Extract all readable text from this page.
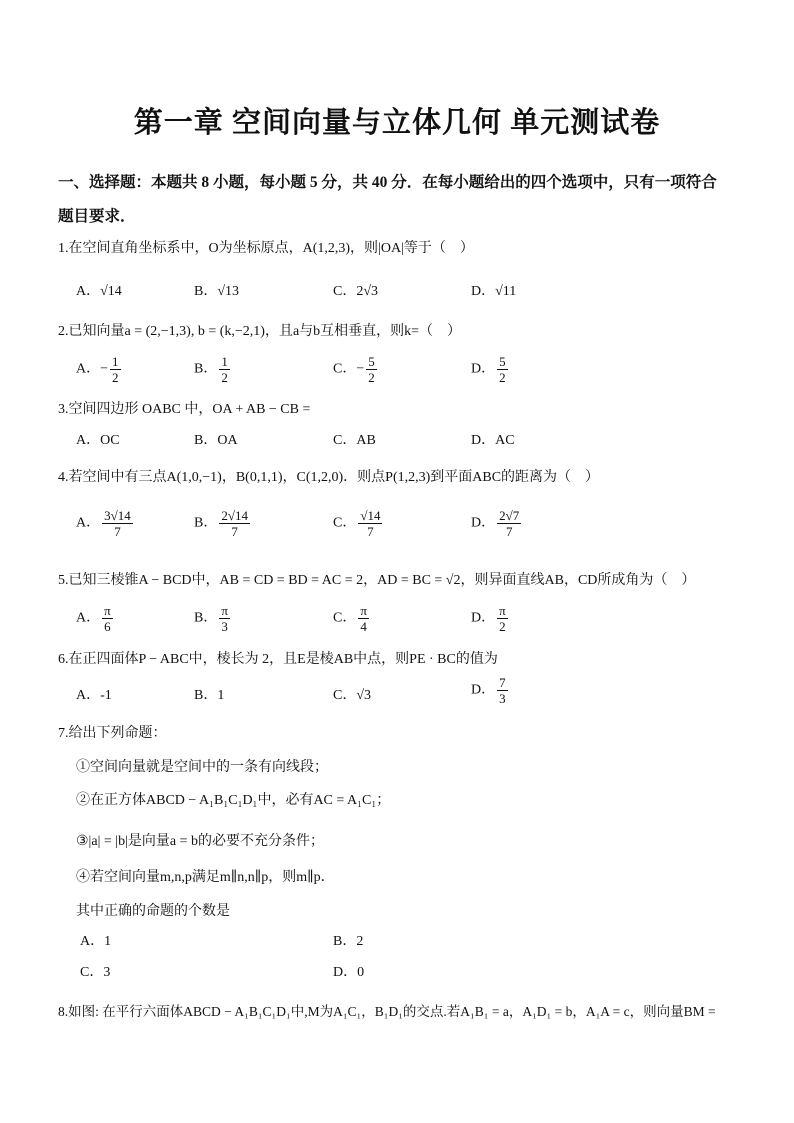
第一章 空间向量与立体几何 单元测试卷
一、选择题：本题共 8 小题，每小题 5 分，共 40 分．在每小题给出的四个选项中，只有一项符合
题目要求．
1.在空间直角坐标系中，O为坐标原点，A(1,2,3)，则|OA|等于（　）
A．√14	B．√13	C．2√3	D．√11
2.已知向量a = (2,−1,3), b = (k,−2,1)，且a与b互相垂直，则k=（　）
A．− $\frac{1}{2}$	B． $\frac{1}{2}$	C．− $\frac{5}{2}$	D． $\frac{5}{2}$
3.空间四边形 OABC 中，OA + AB − CB =
A．OC	B．OA	C．AB	D．AC
4.若空间中有三点A(1,0,−1)，B(0,1,1)，C(1,2,0)．则点P(1,2,3)到平面ABC的距离为（　）
A． $\frac{3√14}{7}$	B． $\frac{2√14}{7}$	C． $\frac{√14}{7}$	D． $\frac{2√7}{7}$
5.已知三棱锥A − BCD中，AB = CD = BD = AC = 2，AD = BC = √2，则异面直线AB，CD所成角为（　）
A． $\frac{\pi}{6}$	B． $\frac{\pi}{3}$	C． $\frac{\pi}{4}$	D． $\frac{\pi}{2}$
6.在正四面体P − ABC中，棱长为 2，且E是棱AB中点，则PE · BC的值为
A．-1	B．1	C．√3	D． $\frac{7}{3}$
7.给出下列命题：
①空间向量就是空间中的一条有向线段；
②在正方体ABCD − A₁B₁C₁D₁中，必有AC = A₁C₁；
③|a| = |b|是向量a = b的必要不充分条件；
④若空间向量m,n,p满足m∥n,n∥p，则m∥p．
其中正确的命题的个数是
A．1	B．2
C．3	D．0
8.如图: 在平行六面体ABCD − A₁B₁C₁D₁中,M为A₁C₁，B₁D₁的交点.若A₁B₁ = a，A₁D₁ = b，A₁A = c，则向量BM =
